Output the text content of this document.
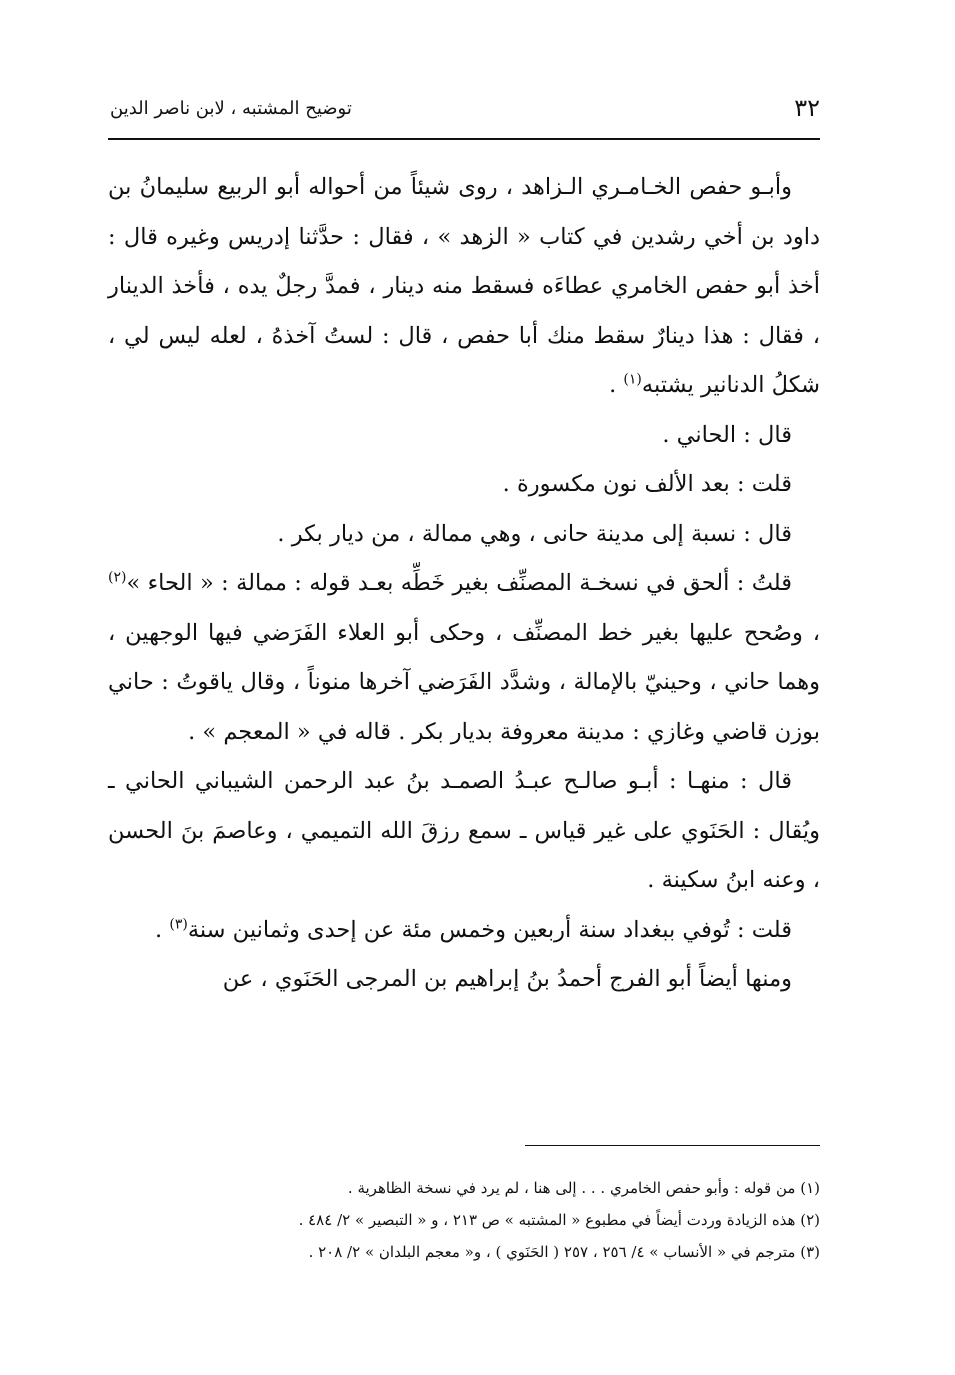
٣٢
توضيح المشتبه ، لابن ناصر الدين

وأبـو حفص الخـامـري الـزاهد ، روى شيئاً من أحواله أبو الربيع سليمانُ بن داود بن أخي رشدين في كتاب « الزهد » ، فقال : حدَّثنا إدريس وغيره قال : أخذ أبو حفص الخامري عطاءَه فسقط منه دينار ، فمدَّ رجلٌ يده ، فأخذ الدينار ، فقال : هذا دينارٌ سقط منك أبا حفص ، قال : لستُ آخذهُ ، لعله ليس لي ، شكلُ الدنانير يشتبه$^{(١)}$ .

قال : الحاني .

قلت : بعد الألف نون مكسورة .

قال : نسبة إلى مدينة حانى ، وهي ممالة ، من ديار بكر .

قلتُ : ألحق في نسخـة المصنِّف بغير خَطِّه بعـد قوله : ممالة : « الحاء »$^{(٢)}$ ، وصُحح عليها بغير خط المصنِّف ، وحكى أبو العلاء الفَرَضي فيها الوجهين ، وهما حاني ، وحينيّ بالإمالة ، وشدَّد الفَرَضي آخرها منوناً ، وقال ياقوتُ : حاني بوزن قاضي وغازي : مدينة معروفة بديار بكر . قاله في « المعجم » .

قال : منهـا : أبـو صالـح عبـدُ الصمـد بنُ عبد الرحمن الشيباني الحاني ـ ويُقال : الحَنَوي على غير قياس ـ سمع رزقَ الله التميمي ، وعاصمَ بنَ الحسن ، وعنه ابنُ سكينة .

قلت : تُوفي ببغداد سنة أربعين وخمس مئة عن إحدى وثمانين سنة$^{(٣)}$ .

ومنها أيضاً أبو الفرج أحمدُ بنُ إبراهيم بن المرجى الحَنَوي ، عن

(١) من قوله : وأبو حفص الخامري . . . إلى هنا ، لم يرد في نسخة الظاهرية .
(٢) هذه الزيادة وردت أيضاً في مطبوع « المشتبه » ص ٢١٣ ، و « التبصير » ٢/ ٤٨٤ .
(٣) مترجم في « الأنساب » ٤/ ٢٥٦ ، ٢٥٧ ( الحَنَوي ) ، و« معجم البلدان » ٢/ ٢٠٨ .
